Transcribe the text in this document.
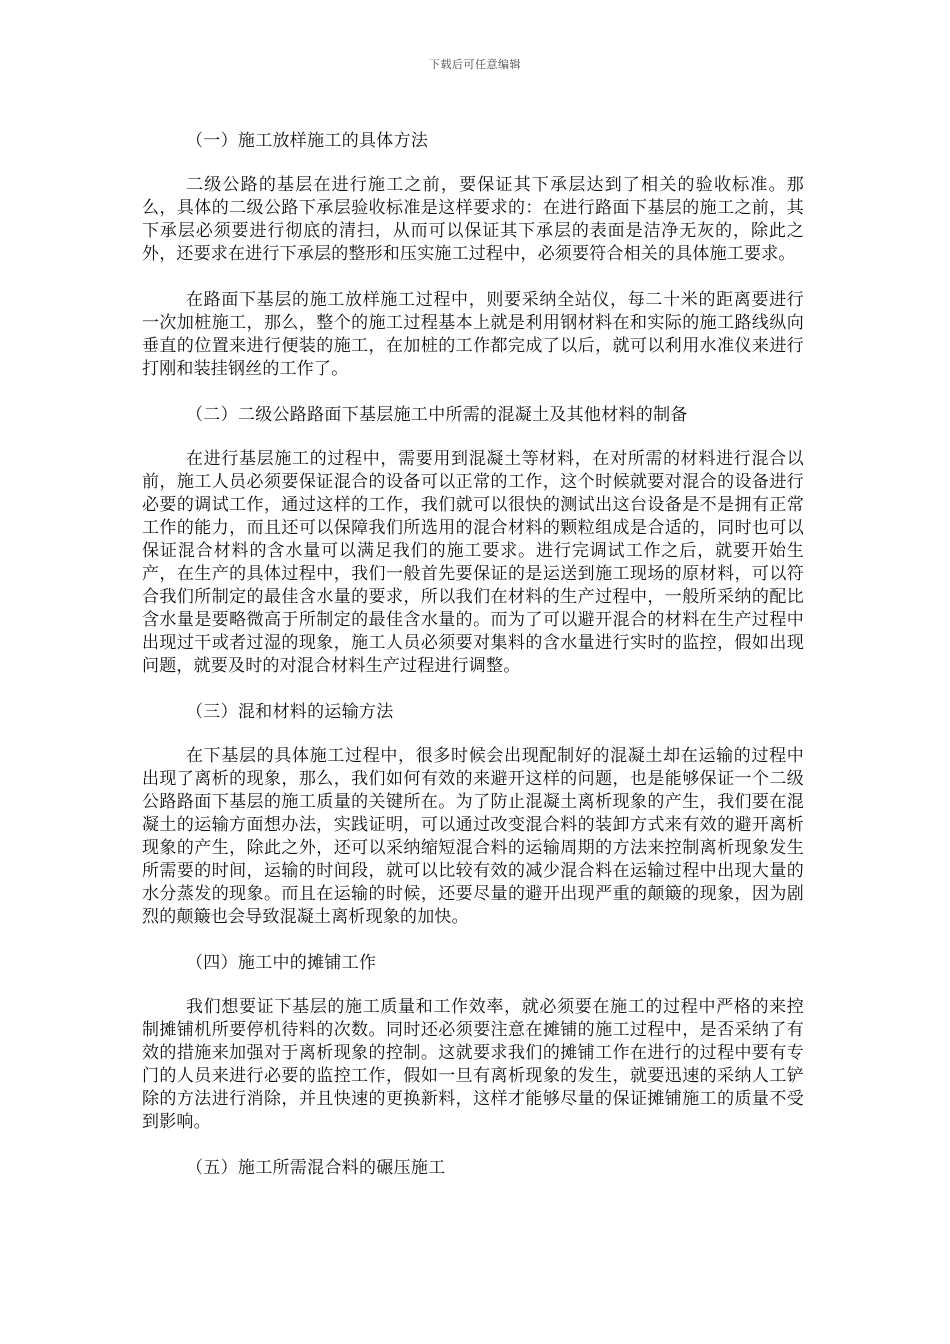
下载后可任意编辑
（一）施工放样施工的具体方法

二级公路的基层在进行施工之前，要保证其下承层达到了相关的验收标准。那么，具体的二级公路下承层验收标准是这样要求的：在进行路面下基层的施工之前，其下承层必须要进行彻底的清扫，从而可以保证其下承层的表面是洁净无灰的，除此之外，还要求在进行下承层的整形和压实施工过程中，必须要符合相关的具体施工要求。

在路面下基层的施工放样施工过程中，则要采纳全站仪，每二十米的距离要进行一次加桩施工，那么，整个的施工过程基本上就是利用钢材料在和实际的施工路线纵向垂直的位置来进行便装的施工，在加桩的工作都完成了以后，就可以利用水准仪来进行打刚和装挂钢丝的工作了。

（二）二级公路路面下基层施工中所需的混凝土及其他材料的制备

在进行基层施工的过程中，需要用到混凝土等材料，在对所需的材料进行混合以前，施工人员必须要保证混合的设备可以正常的工作，这个时候就要对混合的设备进行必要的调试工作，通过这样的工作，我们就可以很快的测试出这台设备是不是拥有正常工作的能力，而且还可以保障我们所选用的混合材料的颗粒组成是合适的，同时也可以保证混合材料的含水量可以满足我们的施工要求。进行完调试工作之后，就要开始生产，在生产的具体过程中，我们一般首先要保证的是运送到施工现场的原材料，可以符合我们所制定的最佳含水量的要求，所以我们在材料的生产过程中，一般所采纳的配比含水量是要略微高于所制定的最佳含水量的。而为了可以避开混合的材料在生产过程中出现过干或者过湿的现象，施工人员必须要对集料的含水量进行实时的监控，假如出现问题，就要及时的对混合材料生产过程进行调整。

（三）混和材料的运输方法

在下基层的具体施工过程中，很多时候会出现配制好的混凝土却在运输的过程中出现了离析的现象，那么，我们如何有效的来避开这样的问题，也是能够保证一个二级公路路面下基层的施工质量的关键所在。为了防止混凝土离析现象的产生，我们要在混凝土的运输方面想办法，实践证明，可以通过改变混合料的装卸方式来有效的避开离析现象的产生，除此之外，还可以采纳缩短混合料的运输周期的方法来控制离析现象发生所需要的时间，运输的时间段，就可以比较有效的减少混合料在运输过程中出现大量的水分蒸发的现象。而且在运输的时候，还要尽量的避开出现严重的颠簸的现象，因为剧烈的颠簸也会导致混凝土离析现象的加快。

（四）施工中的摊铺工作

我们想要证下基层的施工质量和工作效率，就必须要在施工的过程中严格的来控制摊铺机所要停机待料的次数。同时还必须要注意在摊铺的施工过程中，是否采纳了有效的措施来加强对于离析现象的控制。这就要求我们的摊铺工作在进行的过程中要有专门的人员来进行必要的监控工作，假如一旦有离析现象的发生，就要迅速的采纳人工铲除的方法进行消除，并且快速的更换新料，这样才能够尽量的保证摊铺施工的质量不受到影响。

（五）施工所需混合料的碾压施工
